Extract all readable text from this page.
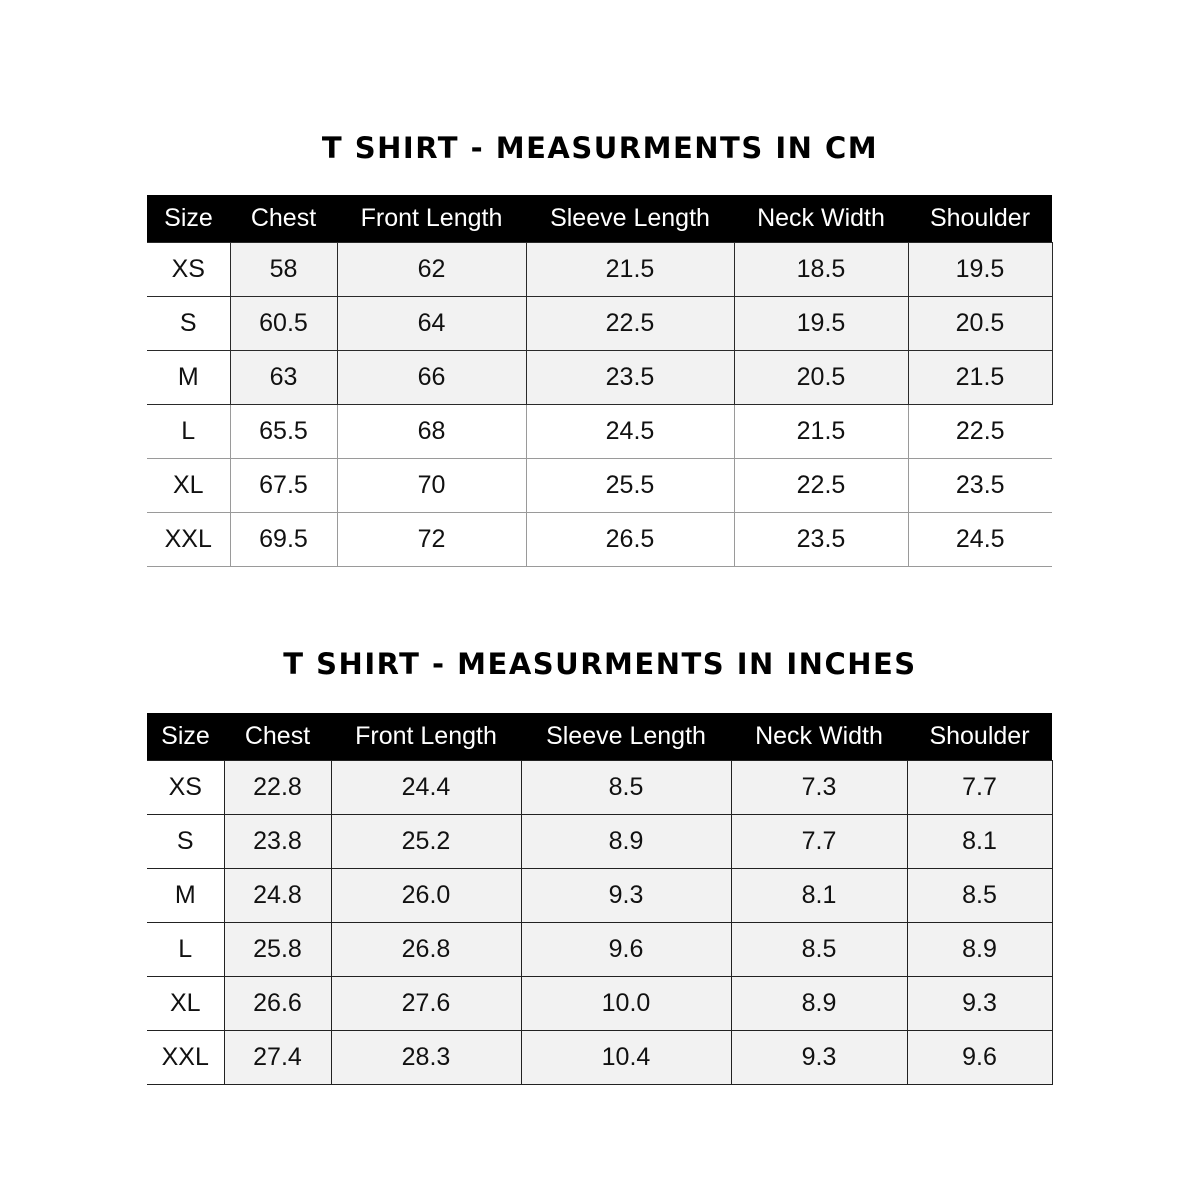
T SHIRT - MEASURMENTS IN CM
Size	Chest	Front Length	Sleeve Length	Neck Width	Shoulder
XS	58	62	21.5	18.5	19.5
S	60.5	64	22.5	19.5	20.5
M	63	66	23.5	20.5	21.5
L	65.5	68	24.5	21.5	22.5
XL	67.5	70	25.5	22.5	23.5
XXL	69.5	72	26.5	23.5	24.5
T SHIRT - MEASURMENTS IN INCHES
Size	Chest	Front Length	Sleeve Length	Neck Width	Shoulder
XS	22.8	24.4	8.5	7.3	7.7
S	23.8	25.2	8.9	7.7	8.1
M	24.8	26.0	9.3	8.1	8.5
L	25.8	26.8	9.6	8.5	8.9
XL	26.6	27.6	10.0	8.9	9.3
XXL	27.4	28.3	10.4	9.3	9.6
